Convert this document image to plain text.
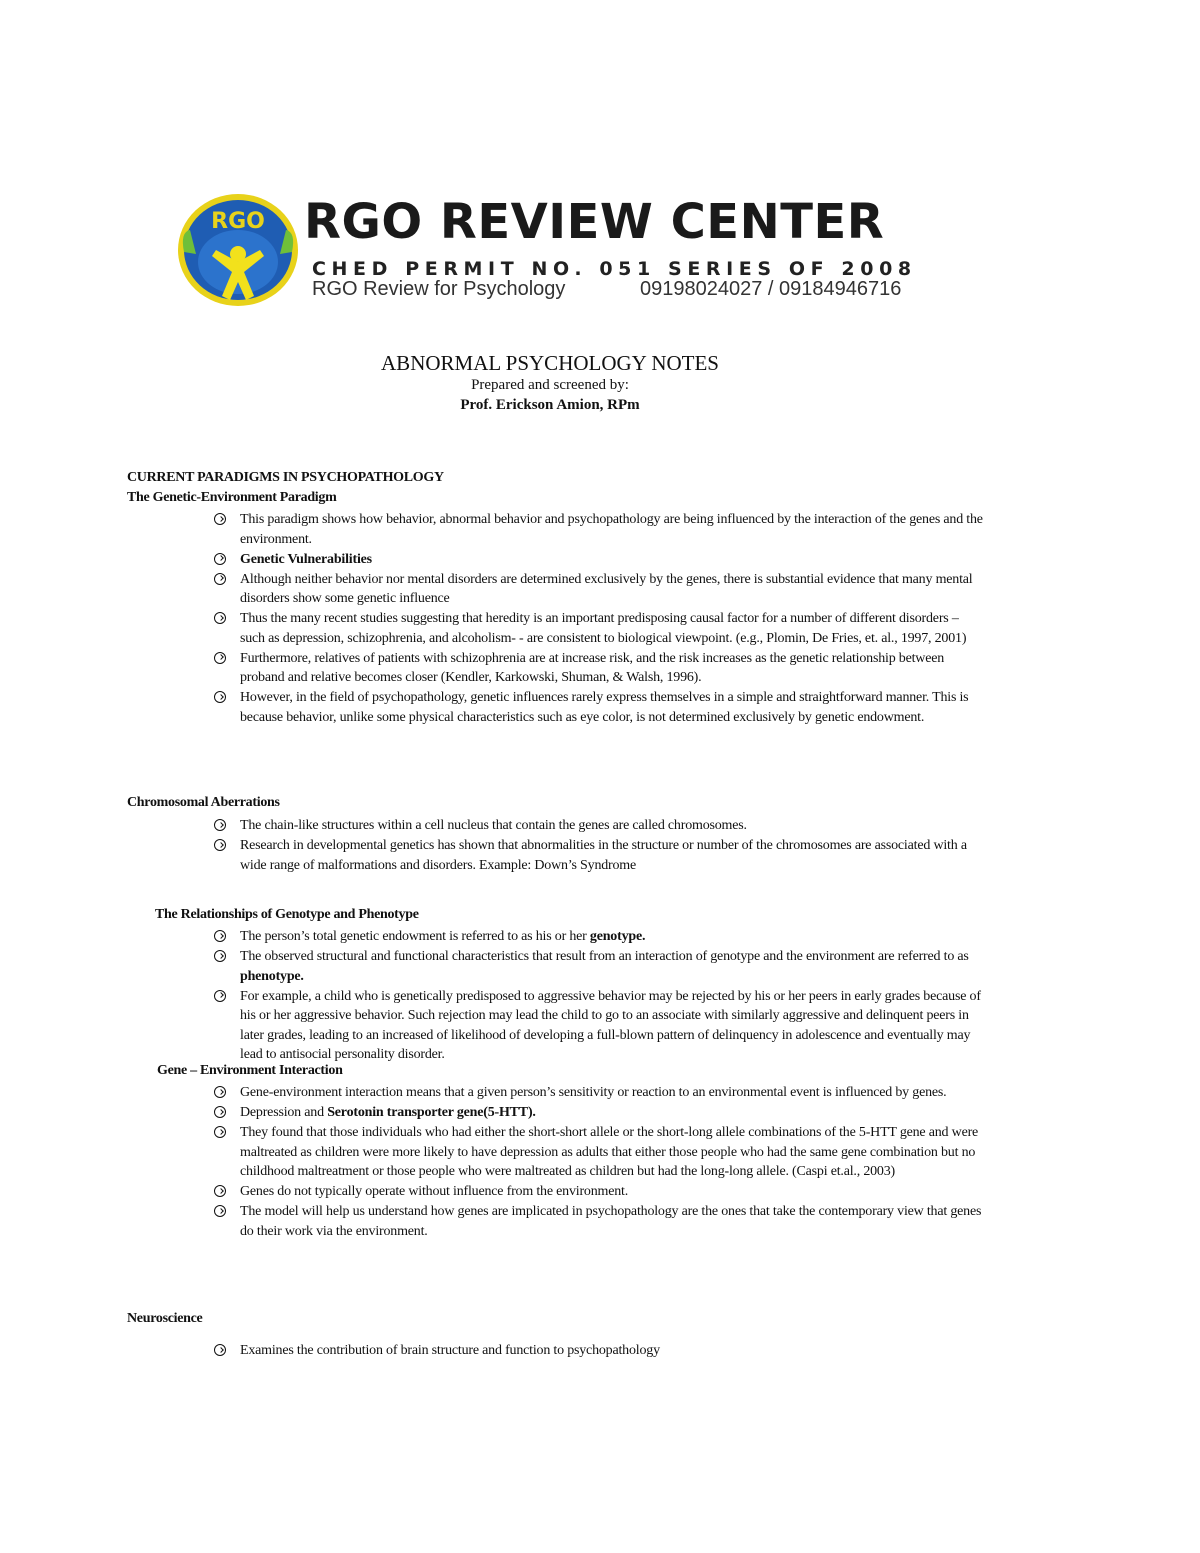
RGO RGO REVIEW CENTER
CHED PERMIT NO. 051 SERIES OF 2008
RGO Review for Psychology	09198024027 / 09184946716
ABNORMAL PSYCHOLOGY NOTES
Prepared and screened by:
Prof. Erickson Amion, RPm
CURRENT PARADIGMS IN PSYCHOPATHOLOGY
The Genetic-Environment Paradigm
This paradigm shows how behavior, abnormal behavior and psychopathology are being influenced by the interaction of the genes and the environment.
Genetic Vulnerabilities
Although neither behavior nor mental disorders are determined exclusively by the genes, there is substantial evidence that many mental disorders show some genetic influence
Thus the many recent studies suggesting that heredity is an important predisposing causal factor for a number of different disorders – such as depression, schizophrenia, and alcoholism- - are consistent to biological viewpoint. (e.g., Plomin, De Fries, et. al., 1997, 2001)
Furthermore, relatives of patients with schizophrenia are at increase risk, and the risk increases as the genetic relationship between proband and relative becomes closer (Kendler, Karkowski, Shuman, & Walsh, 1996).
However, in the field of psychopathology, genetic influences rarely express themselves in a simple and straightforward manner. This is because behavior, unlike some physical characteristics such as eye color, is not determined exclusively by genetic endowment.
Chromosomal Aberrations
The chain-like structures within a cell nucleus that contain the genes are called chromosomes.
Research in developmental genetics has shown that abnormalities in the structure or number of the chromosomes are associated with a wide range of malformations and disorders. Example: Down’s Syndrome
The Relationships of Genotype and Phenotype
The person’s total genetic endowment is referred to as his or her genotype.
The observed structural and functional characteristics that result from an interaction of genotype and the environment are referred to as phenotype.
For example, a child who is genetically predisposed to aggressive behavior may be rejected by his or her peers in early grades because of his or her aggressive behavior. Such rejection may lead the child to go to an associate with similarly aggressive and delinquent peers in later grades, leading to an increased of likelihood of developing a full-blown pattern of delinquency in adolescence and eventually may lead to antisocial personality disorder.
Gene – Environment Interaction
Gene-environment interaction means that a given person’s sensitivity or reaction to an environmental event is influenced by genes.
Depression and Serotonin transporter gene(5-HTT).
They found that those individuals who had either the short-short allele or the short-long allele combinations of the 5-HTT gene and were maltreated as children were more likely to have depression as adults that either those people who had the same gene combination but no childhood maltreatment or those people who were maltreated as children but had the long-long allele. (Caspi et.al., 2003)
Genes do not typically operate without influence from the environment.
The model will help us understand how genes are implicated in psychopathology are the ones that take the contemporary view that genes do their work via the environment.
Neuroscience
Examines the contribution of brain structure and function to psychopathology
